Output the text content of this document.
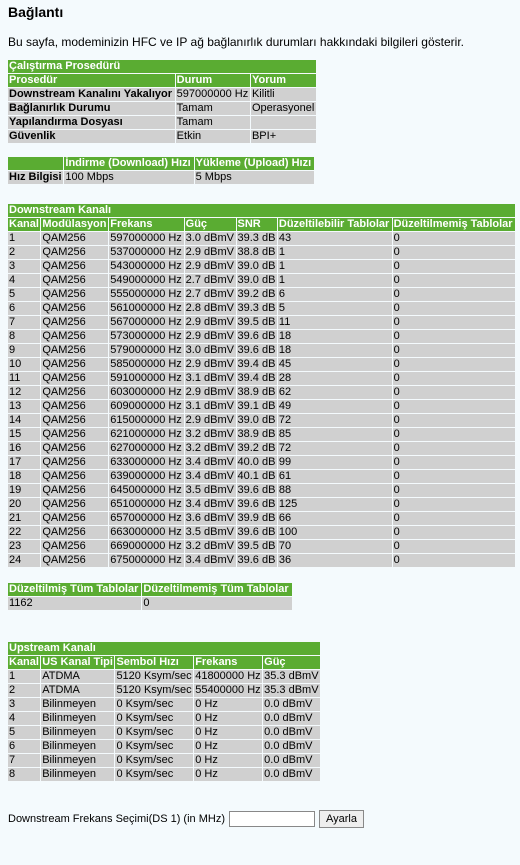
Bağlantı

Bu sayfa, modeminizin HFC ve IP ağ bağlanırlık durumları hakkındaki bilgileri gösterir.

Çalıştırma Prosedürü		
Prosedür	Durum	Yorum
Downstream Kanalını Yakalıyor	597000000 Hz	Kilitli
Bağlanırlık Durumu	Tamam	Operasyonel
Yapılandırma Dosyası	Tamam	
Güvenlik	Etkin	BPI+
	İndirme (Download) Hızı	Yükleme (Upload) Hızı
Hız Bilgisi	100 Mbps	5 Mbps
Downstream Kanalı						
Kanal	Modülasyon	Frekans	Güç	SNR	Düzeltilebilir Tablolar	Düzeltilmemiş Tablolar
1	QAM256	597000000 Hz	3.0 dBmV	39.3 dB	43	0
2	QAM256	537000000 Hz	2.9 dBmV	38.8 dB	1	0
3	QAM256	543000000 Hz	2.9 dBmV	39.0 dB	1	0
4	QAM256	549000000 Hz	2.7 dBmV	39.0 dB	1	0
5	QAM256	555000000 Hz	2.7 dBmV	39.2 dB	6	0
6	QAM256	561000000 Hz	2.8 dBmV	39.3 dB	5	0
7	QAM256	567000000 Hz	2.9 dBmV	39.5 dB	11	0
8	QAM256	573000000 Hz	2.9 dBmV	39.6 dB	18	0
9	QAM256	579000000 Hz	3.0 dBmV	39.6 dB	18	0
10	QAM256	585000000 Hz	2.9 dBmV	39.4 dB	45	0
11	QAM256	591000000 Hz	3.1 dBmV	39.4 dB	28	0
12	QAM256	603000000 Hz	2.9 dBmV	38.9 dB	62	0
13	QAM256	609000000 Hz	3.1 dBmV	39.1 dB	49	0
14	QAM256	615000000 Hz	2.9 dBmV	39.0 dB	72	0
15	QAM256	621000000 Hz	3.2 dBmV	38.9 dB	85	0
16	QAM256	627000000 Hz	3.2 dBmV	39.2 dB	72	0
17	QAM256	633000000 Hz	3.4 dBmV	40.0 dB	99	0
18	QAM256	639000000 Hz	3.4 dBmV	40.1 dB	61	0
19	QAM256	645000000 Hz	3.5 dBmV	39.6 dB	88	0
20	QAM256	651000000 Hz	3.4 dBmV	39.6 dB	125	0
21	QAM256	657000000 Hz	3.6 dBmV	39.9 dB	66	0
22	QAM256	663000000 Hz	3.5 dBmV	39.6 dB	100	0
23	QAM256	669000000 Hz	3.2 dBmV	39.5 dB	70	0
24	QAM256	675000000 Hz	3.4 dBmV	39.6 dB	36	0
Düzeltilmiş Tüm Tablolar	Düzeltilmemiş Tüm Tablolar
1162	0
Upstream Kanalı				
Kanal	US Kanal Tipi	Sembol Hızı	Frekans	Güç
1	ATDMA	5120 Ksym/sec	41800000 Hz	35.3 dBmV
2	ATDMA	5120 Ksym/sec	55400000 Hz	35.3 dBmV
3	Bilinmeyen	0 Ksym/sec	0 Hz	0.0 dBmV
4	Bilinmeyen	0 Ksym/sec	0 Hz	0.0 dBmV
5	Bilinmeyen	0 Ksym/sec	0 Hz	0.0 dBmV
6	Bilinmeyen	0 Ksym/sec	0 Hz	0.0 dBmV
7	Bilinmeyen	0 Ksym/sec	0 Hz	0.0 dBmV
8	Bilinmeyen	0 Ksym/sec	0 Hz	0.0 dBmV
Downstream Frekans Seçimi(DS 1) (in MHz)	Ayarla
